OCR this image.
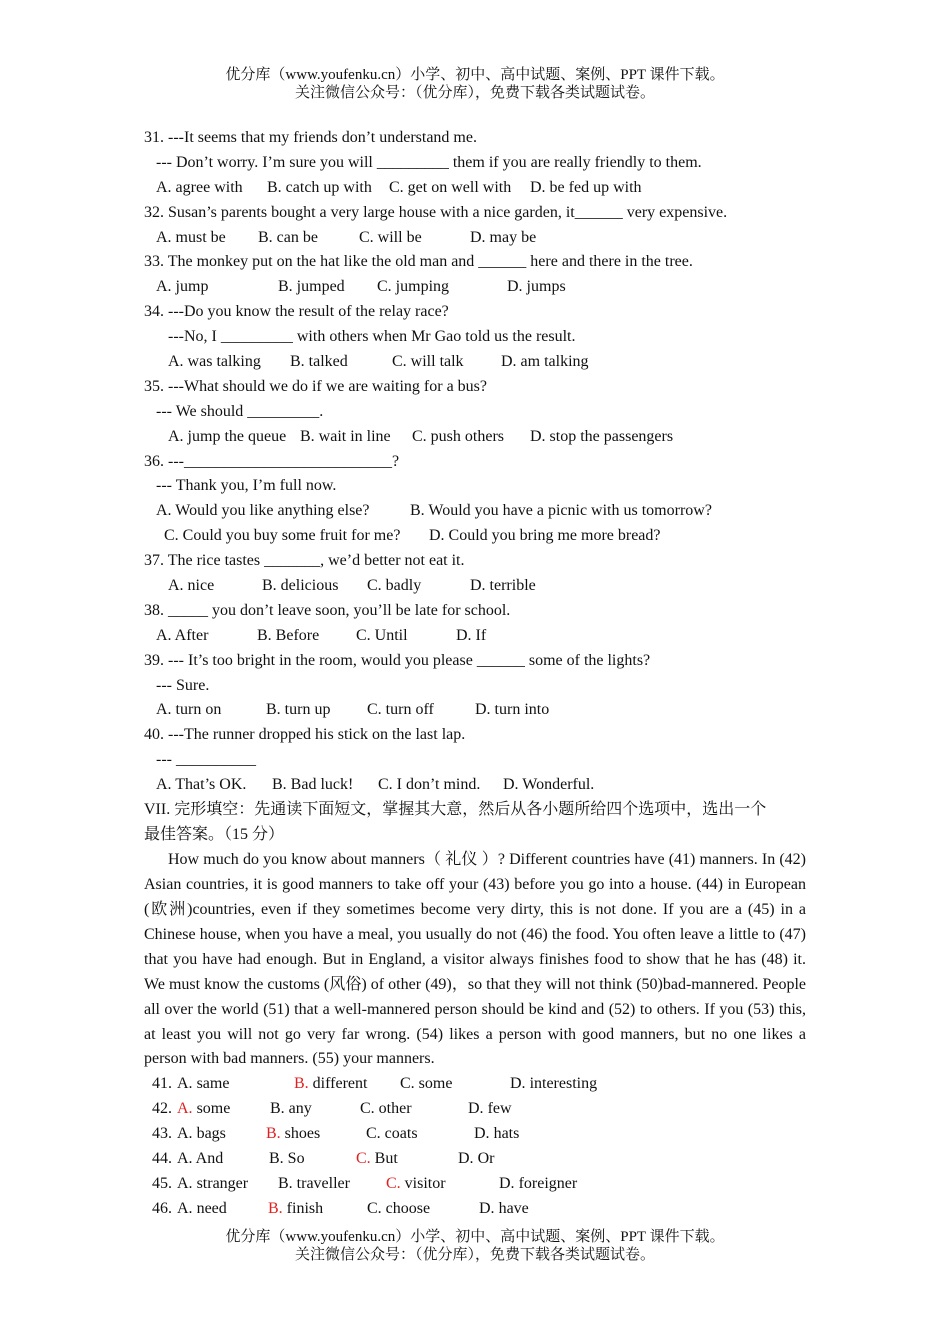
优分库（www.youfenku.cn）小学、初中、高中试题、案例、PPT 课件下载。
关注微信公众号：（优分库），免费下载各类试题试卷。
31. ---It seems that my friends don’t understand me.
--- Don’t worry. I’m sure you will _________ them if you are really friendly to them.
A. agree with B. catch up with C. get on well with D. be fed up with
32. Susan’s parents bought a very large house with a nice garden, it______ very expensive.
A. must be B. can be	C. will be	D. may be
33. The monkey put on the hat like the old man and ______ here and there in the tree.
A. jump	B. jumped C. jumping	D. jumps
34. ---Do you know the result of the relay race?
---No, I _________ with others when Mr Gao told us the result.
A. was talking B. talked	C. will talk D. am talking
35. ---What should we do if we are waiting for a bus?
--- We should _________.
A. jump the queue B. wait in line C. push others D. stop the passengers
36. ---__________________________?
--- Thank you, I’m full now.
A. Would you like anything else?	B. Would you have a picnic with us tomorrow?
C. Could you buy some fruit for me? D. Could you bring me more bread?
37. The rice tastes _______, we’d better not eat it.
A. nice	B. delicious C. badly	D. terrible
38. _____ you don’t leave soon, you’ll be late for school.
A. After	B. Before C. Until	D. If
39. --- It’s too bright in the room, would you please ______ some of the lights?
--- Sure.
A. turn on	B. turn up C. turn off	D. turn into
40. ---The runner dropped his stick on the last lap.
--- __________
A. That’s OK. B. Bad luck! C. I don’t mind. D. Wonderful.
VII. 完形填空：先通读下面短文，掌握其大意，然后从各小题所给四个选项中，选出一个
最佳答案。（15 分）

How much do you know about manners（ 礼仪 ）? Different countries have (41) manners. In (42) Asian countries, it is good manners to take off your (43) before you go into a house. (44) in European (欧洲)countries, even if they sometimes become very dirty, this is not done. If you are a (45) in a Chinese house, when you have a meal, you usually do not (46) the food. You often leave a little to (47) that you have had enough. But in England, a visitor always finishes food to show that he has (48) it. We must know the customs (风俗) of other (49)，so that they will not think (50)bad-mannered. People all over the world (51) that a well-mannered person should be kind and (52) to others. If you (53) this, at least you will not go very far wrong. (54) likes a person with good manners, but no one likes a person with bad manners. (55) your manners.

41. A. same	B. different C. some	D. interesting
42. A. some B. any	C. other	D. few
43. A. bags	B. shoes	C. coats	D. hats
44. A. And	B. So	C. But	D. Or
45. A. stranger B. traveller C. visitor	D. foreigner
46. A. need	B. finish	C. choose	D. have
优分库（www.youfenku.cn）小学、初中、高中试题、案例、PPT 课件下载。
关注微信公众号：（优分库），免费下载各类试题试卷。
